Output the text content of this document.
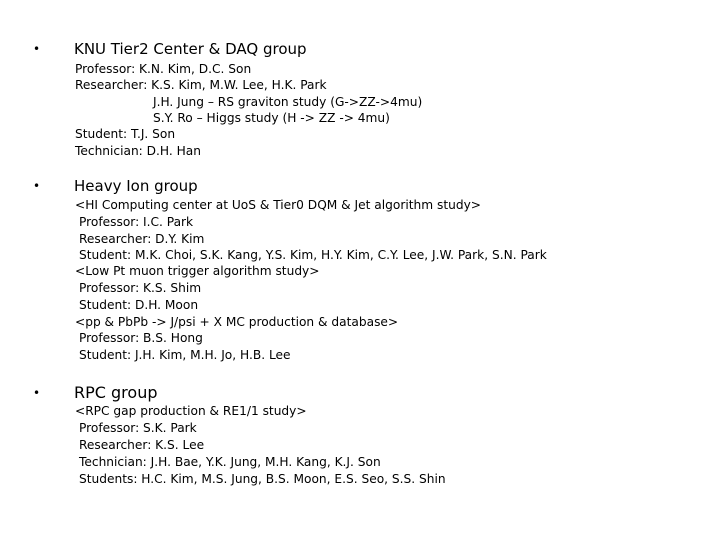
• KNU Tier2 Center & DAQ group
Professor: K.N. Kim, D.C. Son
Researcher: K.S. Kim, M.W. Lee, H.K. Park
J.H. Jung – RS graviton study (G->ZZ->4mu)
S.Y. Ro – Higgs study (H -> ZZ -> 4mu)
Student: T.J. Son
Technician: D.H. Han
• Heavy Ion group
<HI Computing center at UoS & Tier0 DQM & Jet algorithm study>
Professor: I.C. Park
Researcher: D.Y. Kim
Student: M.K. Choi, S.K. Kang, Y.S. Kim, H.Y. Kim, C.Y. Lee, J.W. Park, S.N. Park
<Low Pt muon trigger algorithm study>
Professor: K.S. Shim
Student: D.H. Moon
<pp & PbPb -> J/psi + X MC production & database>
Professor: B.S. Hong
Student: J.H. Kim, M.H. Jo, H.B. Lee
• RPC group
<RPC gap production & RE1/1 study>
Professor: S.K. Park
Researcher: K.S. Lee
Technician: J.H. Bae, Y.K. Jung, M.H. Kang, K.J. Son
Students: H.C. Kim, M.S. Jung, B.S. Moon, E.S. Seo, S.S. Shin
